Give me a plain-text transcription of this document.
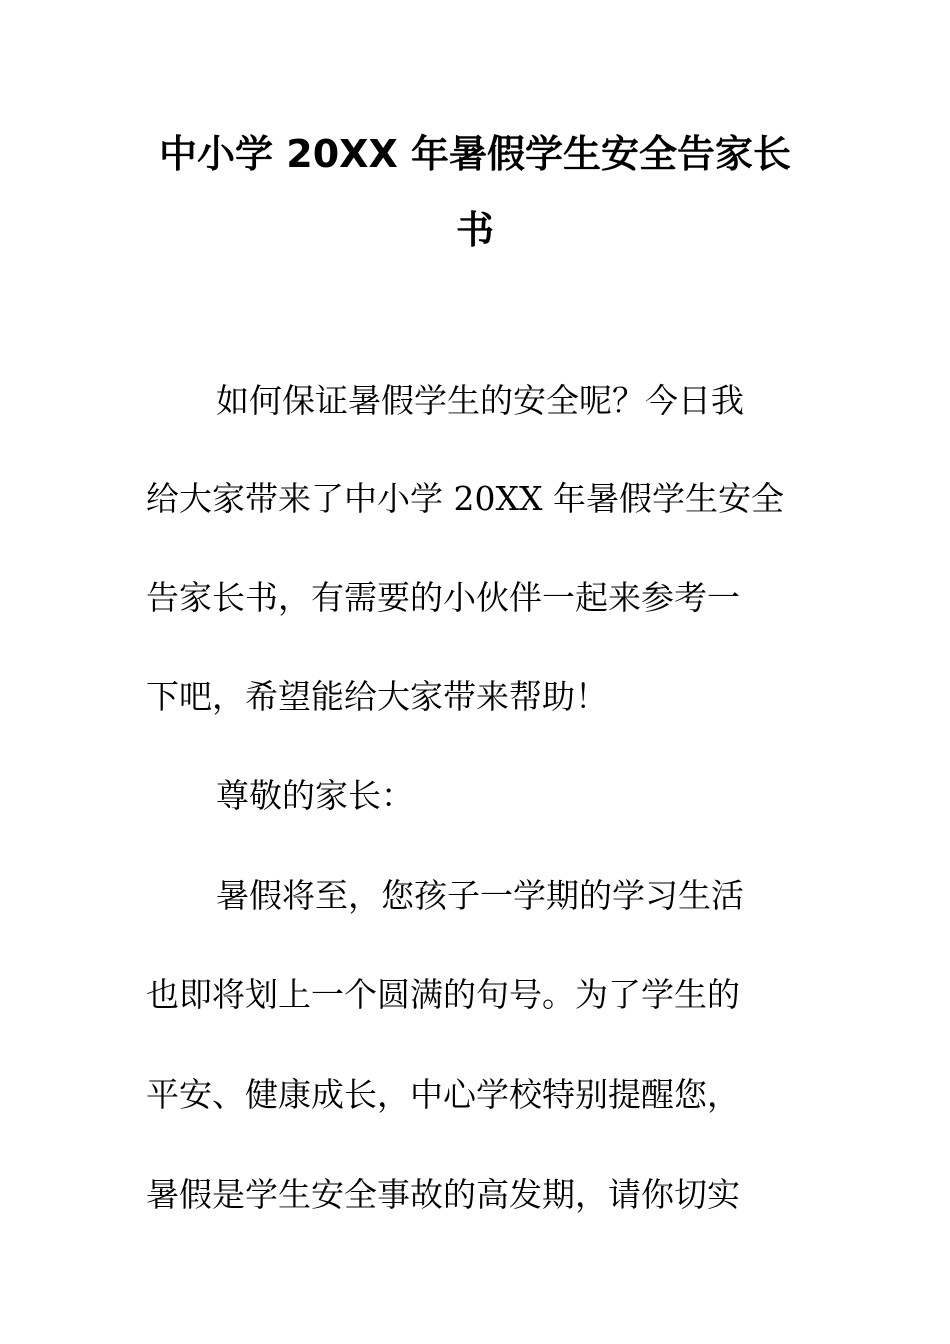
中小学 20XX 年暑假学生安全告家长
书

如何保证暑假学生的安全呢？今日我

给大家带来了中小学 20XX 年暑假学生安全

告家长书，有需要的小伙伴一起来参考一

下吧，希望能给大家带来帮助！

尊敬的家长：

暑假将至，您孩子一学期的学习生活

也即将划上一个圆满的句号。为了学生的

平安、健康成长，中心学校特别提醒您，

暑假是学生安全事故的高发期，请你切实
